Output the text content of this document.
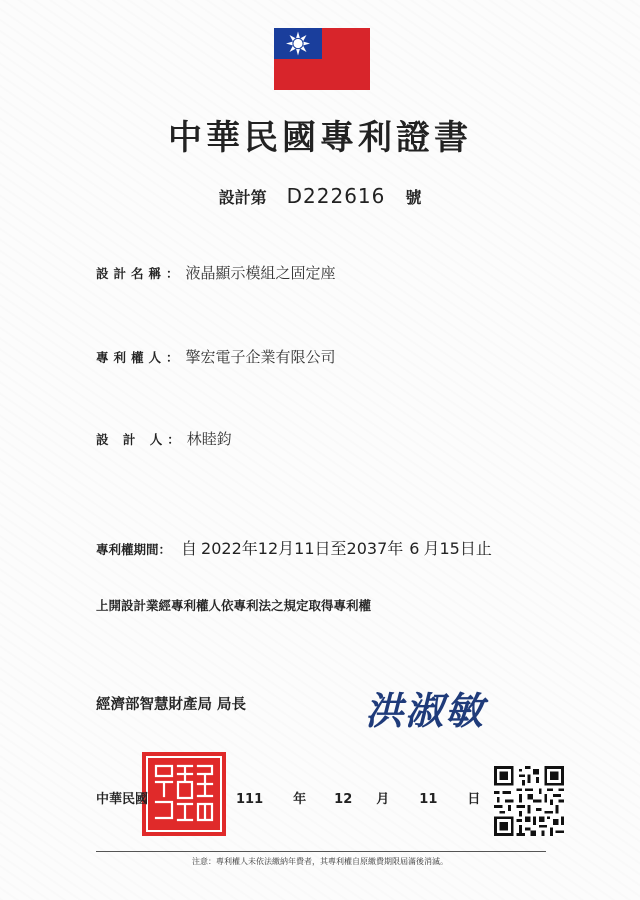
中華民國專利證書
設計第 D222616 號
設計名稱： 液晶顯示模組之固定座
專利權人： 擎宏電子企業有限公司
設 計 人： 林睦鈞
專利權期間： 自 2022 年 12 月 11 日 至 2037 年 6 月 15 日 止
上開設計業經專利權人依專利法之規定取得專利權
經濟部智慧財產局 局長	洪淑敏
中華民國	111 年 12 月 11 日
注意：專利權人未依法繳納年費者，其專利權自原繳費期限屆滿後消滅。
